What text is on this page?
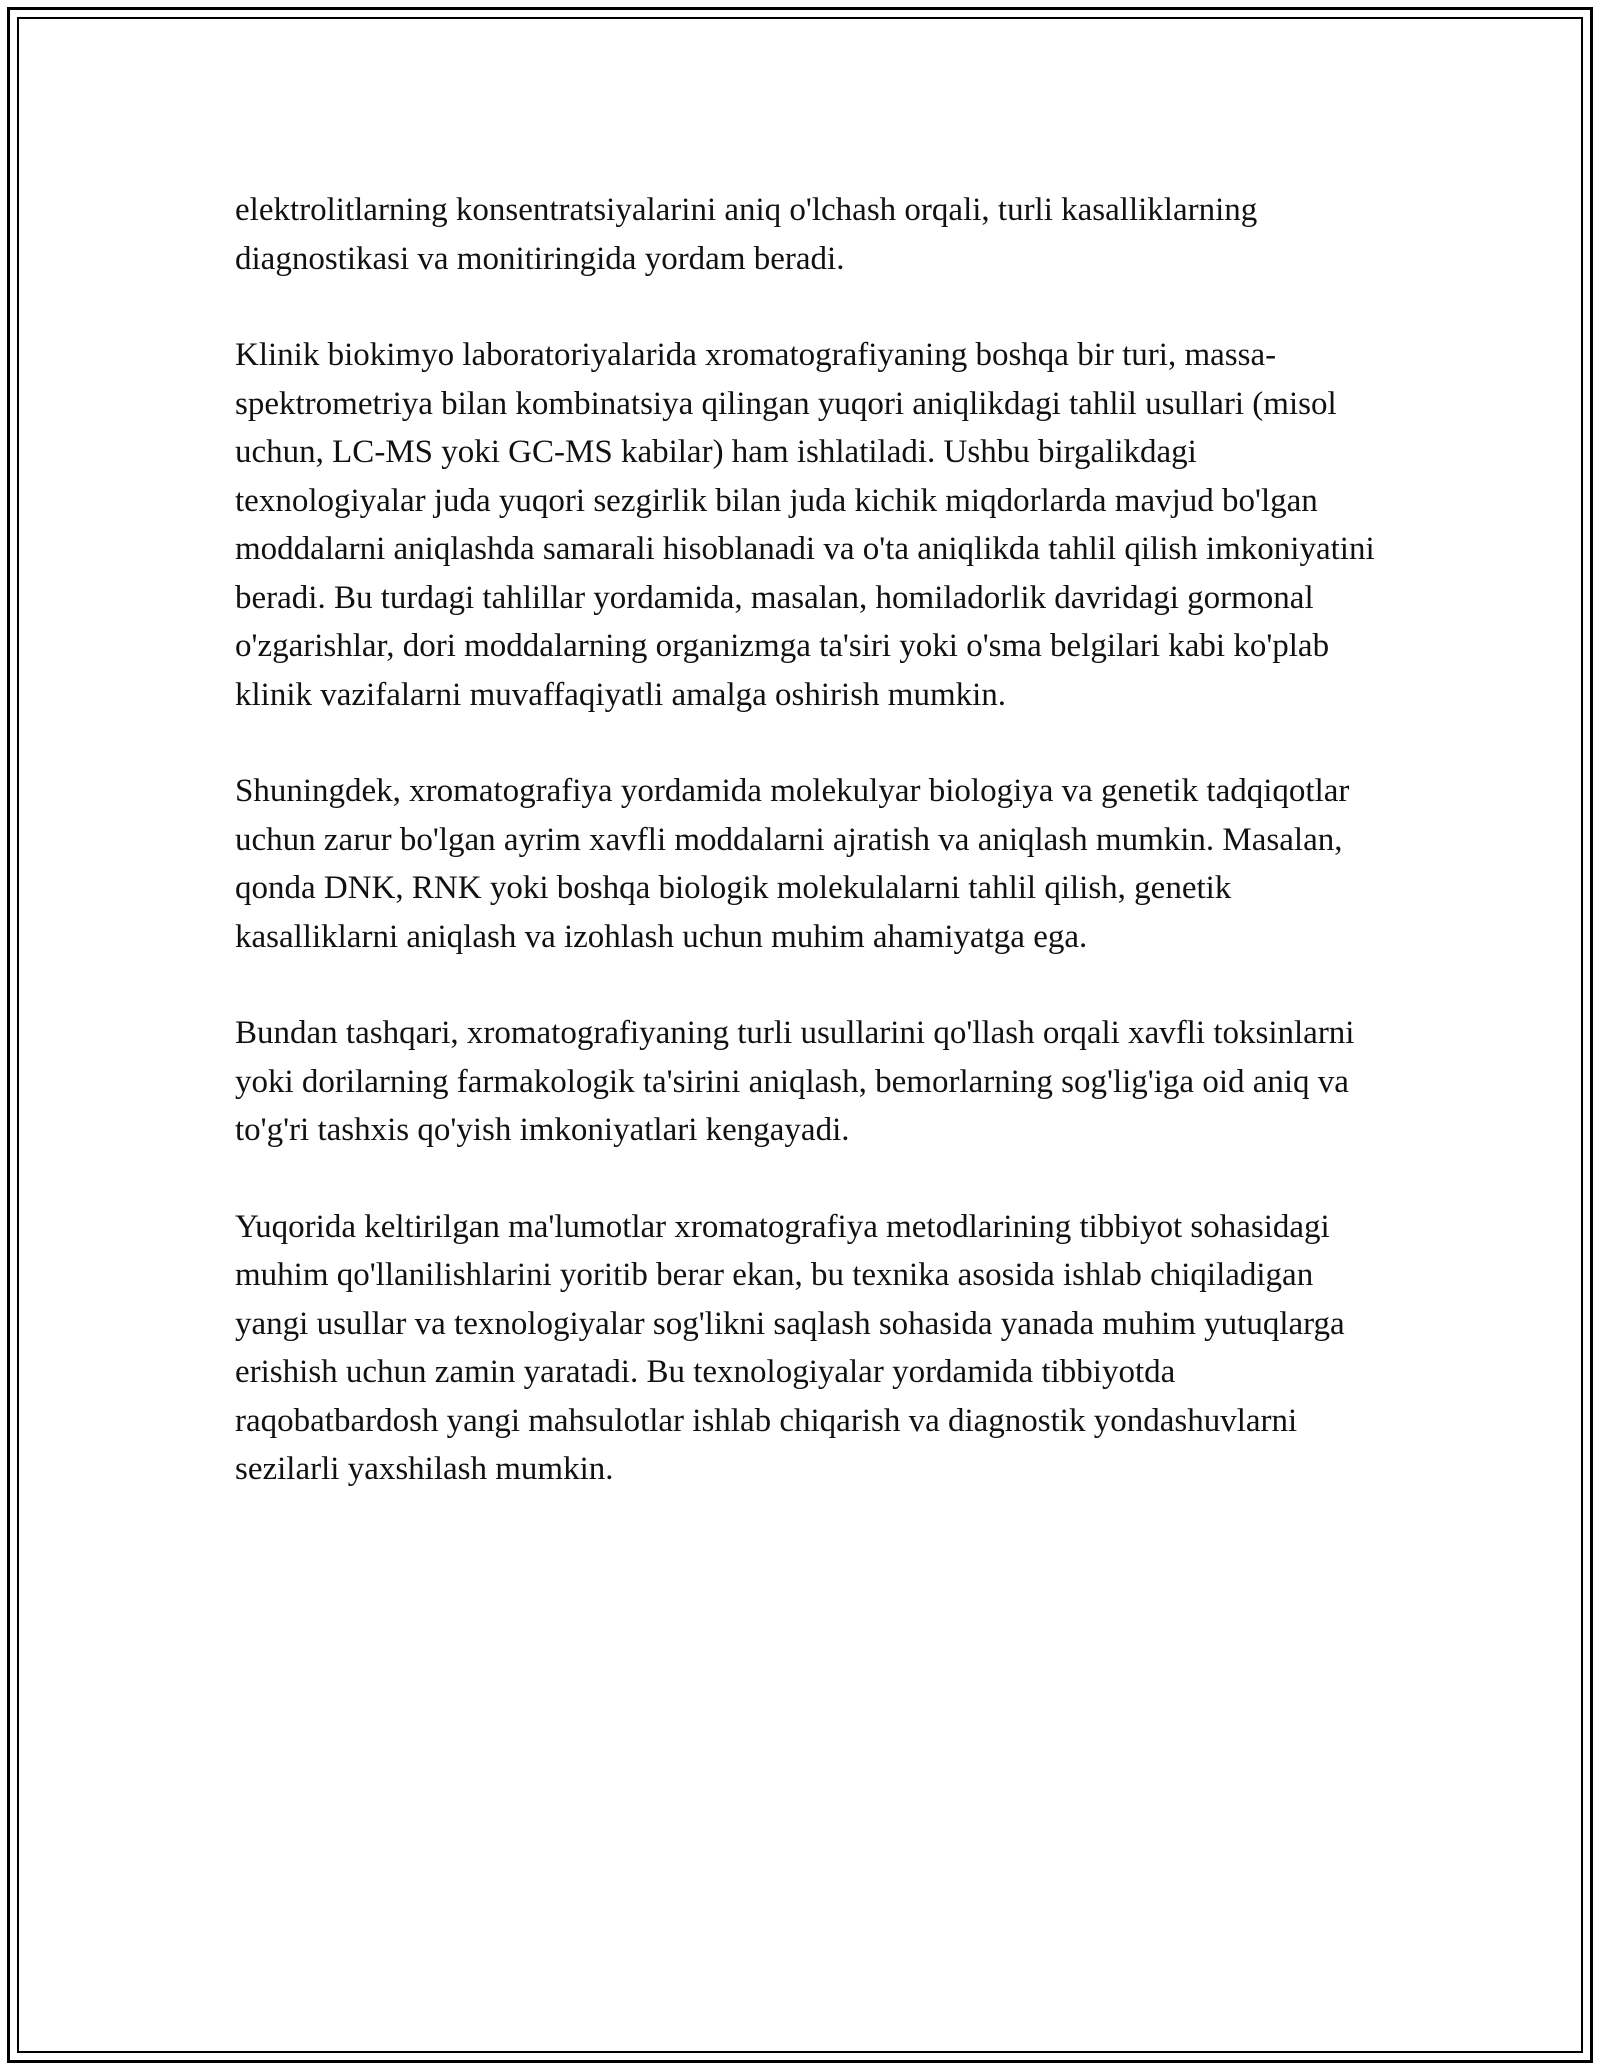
elektrolitlarning konsentratsiyalarini aniq o'lchash orqali, turli kasalliklarning diagnostikasi va monitiringida yordam beradi.

Klinik biokimyo laboratoriyalarida xromatografiyaning boshqa bir turi, massa-spektrometriya bilan kombinatsiya qilingan yuqori aniqlikdagi tahlil usullari (misol uchun, LC-MS yoki GC-MS kabilar) ham ishlatiladi. Ushbu birgalikdagi texnologiyalar juda yuqori sezgirlik bilan juda kichik miqdorlarda mavjud bo'lgan moddalarni aniqlashda samarali hisoblanadi va o'ta aniqlikda tahlil qilish imkoniyatini beradi. Bu turdagi tahlillar yordamida, masalan, homiladorlik davridagi gormonal o'zgarishlar, dori moddalarning organizmga ta'siri yoki o'sma belgilari kabi ko'plab klinik vazifalarni muvaffaqiyatli amalga oshirish mumkin.

Shuningdek, xromatografiya yordamida molekulyar biologiya va genetik tadqiqotlar uchun zarur bo'lgan ayrim xavfli moddalarni ajratish va aniqlash mumkin. Masalan, qonda DNK, RNK yoki boshqa biologik molekulalarni tahlil qilish, genetik kasalliklarni aniqlash va izohlash uchun muhim ahamiyatga ega.

Bundan tashqari, xromatografiyaning turli usullarini qo'llash orqali xavfli toksinlarni yoki dorilarning farmakologik ta'sirini aniqlash, bemorlarning sog'lig'iga oid aniq va to'g'ri tashxis qo'yish imkoniyatlari kengayadi.

Yuqorida keltirilgan ma'lumotlar xromatografiya metodlarining tibbiyot sohasidagi muhim qo'llanilishlarini yoritib berar ekan, bu texnika asosida ishlab chiqiladigan yangi usullar va texnologiyalar sog'likni saqlash sohasida yanada muhim yutuqlarga erishish uchun zamin yaratadi. Bu texnologiyalar yordamida tibbiyotda raqobatbardosh yangi mahsulotlar ishlab chiqarish va diagnostik yondashuvlarni sezilarli yaxshilash mumkin.
